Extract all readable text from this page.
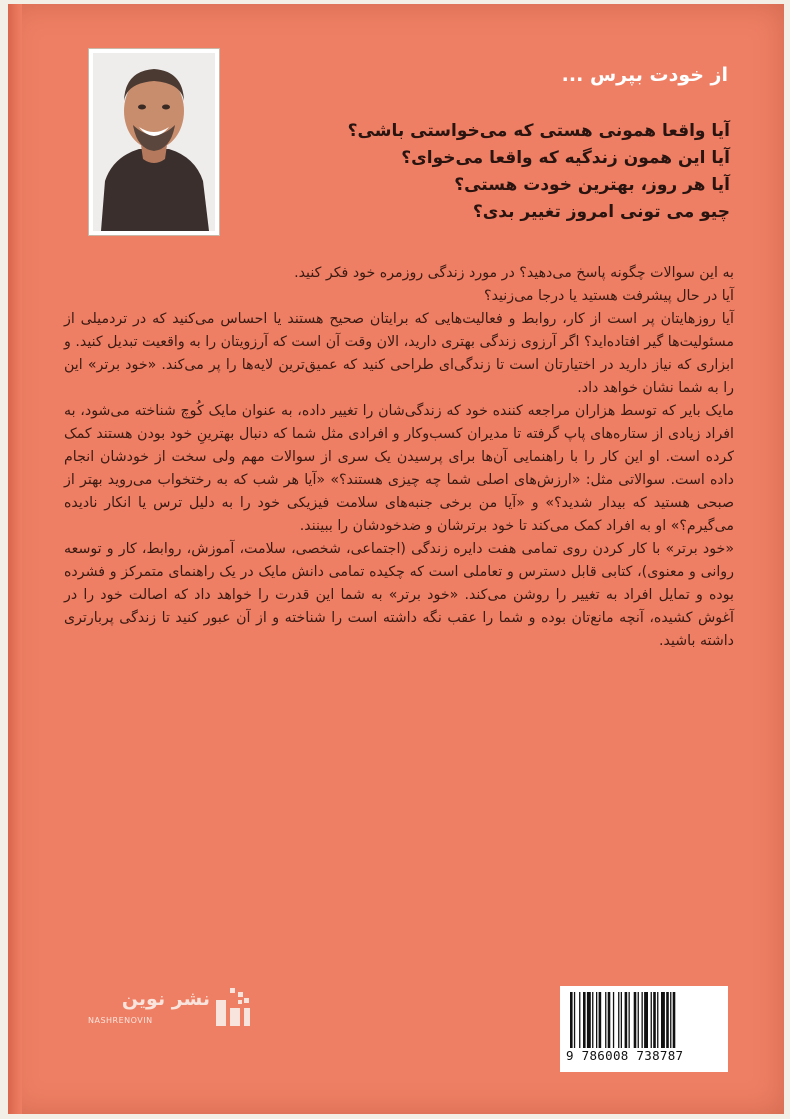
از خودت بپرس ...
آیا واقعا همونی هستی که می‌خواستی باشی؟
آیا این همون زندگیه که واقعا می‌خوای؟
آیا هر روز، بهترین خودت هستی؟
چیو می تونی امروز تغییر بدی؟

به این سوالات چگونه پاسخ می‌دهید؟ در مورد زندگی روزمره خود فکر کنید.

آیا در حال پیشرفت هستید یا درجا می‌زنید؟

آیا روزهایتان پر است از کار، روابط و فعالیت‌هایی که برایتان صحیح هستند یا احساس می‌کنید که در تردمیلی از مسئولیت‌ها گیر افتاده‌اید؟ اگر آرزوی زندگی بهتری دارید، الان وقت آن است که آرزویتان را به واقعیت تبدیل کنید. و ابزاری که نیاز دارید در اختیارتان است تا زندگی‌ای طراحی کنید که عمیق‌ترین لایه‌ها را پر می‌کند. «خود برتر» این را به شما نشان خواهد داد.

مایک بایر که توسط هزاران مراجعه کننده خود که زندگی‌شان را تغییر داده، به عنوان مایک کُوچ شناخته می‌شود، به افراد زیادی از ستاره‌های پاپ گرفته تا مدیران کسب‌وکار و افرادی مثل شما که دنبال بهترینِ خود بودن هستند کمک کرده است. او این کار را با راهنمایی آن‌ها برای پرسیدن یک سری از سوالات مهم ولی سخت از خودشان انجام داده است. سوالاتی مثل: «ارزش‌های اصلی شما چه چیزی هستند؟» «آیا هر شب که به رختخواب می‌روید بهتر از صبحی هستید که بیدار شدید؟» و «آیا من برخی جنبه‌های سلامت فیزیکی خود را به دلیل ترس یا انکار نادیده می‌گیرم؟» او به افراد کمک می‌کند تا خود برترشان و ضدخودشان را ببینند.

«خود برتر» با کار کردن روی تمامی هفت دایره زندگی (اجتماعی، شخصی، سلامت، آموزش، روابط، کار و توسعه روانی و معنوی)، کتابی قابل دسترس و تعاملی است که چکیده تمامی دانش مایک در یک راهنمای متمرکز و فشرده بوده و تمایل افراد به تغییر را روشن می‌کند. «خود برتر» به شما این قدرت را خواهد داد که اصالت خود را در آغوش کشیده، آنچه مانع‌تان بوده و شما را عقب نگه داشته است را شناخته و از آن عبور کنید تا زندگی پربارتری داشته باشید.

نشر نوین
NASHRENOVIN
9 786008 738787
